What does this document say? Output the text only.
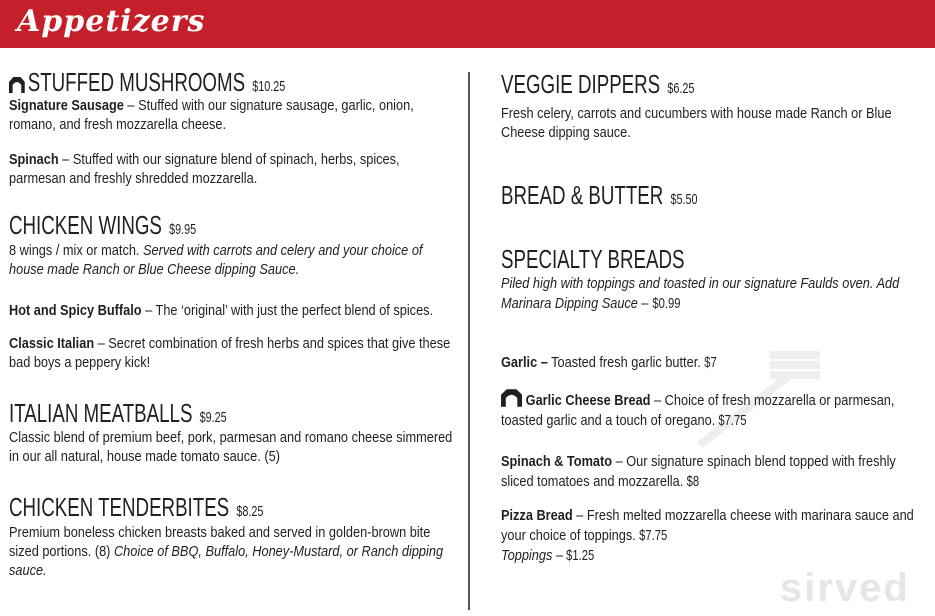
Appetizers
sirved
STUFFED MUSHROOMS $10.25
Signature Sausage – Stuffed with our signature sausage, garlic, onion, romano, and fresh mozzarella cheese.
Spinach – Stuffed with our signature blend of spinach, herbs, spices, parmesan and freshly shredded mozzarella.
CHICKEN WINGS $9.95
8 wings / mix or match. Served with carrots and celery and your choice of house made Ranch or Blue Cheese dipping Sauce.
Hot and Spicy Buffalo – The ‘original’ with just the perfect blend of spices.
Classic Italian – Secret combination of fresh herbs and spices that give these bad boys a peppery kick!
ITALIAN MEATBALLS $9.25
Classic blend of premium beef, pork, parmesan and romano cheese simmered in our all natural, house made tomato sauce. (5)
CHICKEN TENDERBITES $8.25
Premium boneless chicken breasts baked and served in golden-brown bite sized portions. (8) Choice of BBQ, Buffalo, Honey-Mustard, or Ranch dipping sauce.
VEGGIE DIPPERS $6.25
Fresh celery, carrots and cucumbers with house made Ranch or Blue Cheese dipping sauce.
BREAD & BUTTER $5.50
SPECIALTY BREADS
Piled high with toppings and toasted in our signature Faulds oven. Add Marinara Dipping Sauce – $0.99
Garlic – Toasted fresh garlic butter. $7
Garlic Cheese Bread – Choice of fresh mozzarella or parmesan, toasted garlic and a touch of oregano. $7.75
Spinach & Tomato – Our signature spinach blend topped with freshly sliced tomatoes and mozzarella. $8
Pizza Bread – Fresh melted mozzarella cheese with marinara sauce and your choice of toppings. $7.75
Toppings – $1.25
